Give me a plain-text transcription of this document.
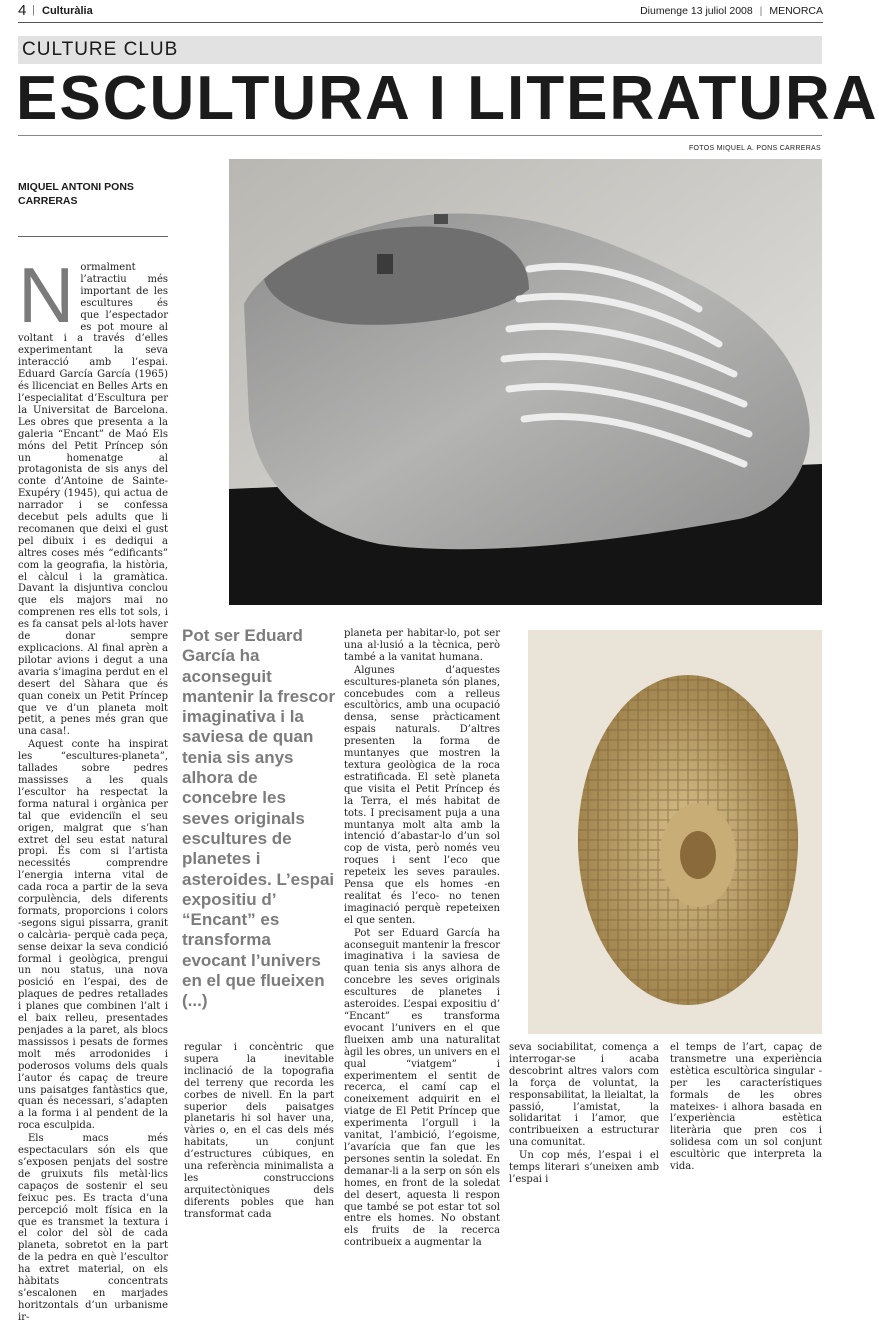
4 | Culturàlia	Diumenge 13 juliol 2008 | MENORCA
CULTURE CLUB
ESCULTURA I LITERATURA
FOTOS MIQUEL A. PONS CARRERAS
MIQUEL ANTONI PONS CARRERAS

Normalment l’atractiu més important de les escultures és que l’espectador es pot moure al voltant i a través d’elles experimentant la seva interacció amb l’espai. Eduard García García (1965) és llicenciat en Belles Arts en l’especialitat d’Escultura per la Universitat de Barcelona. Les obres que presenta a la galeria “Encant” de Maó Els móns del Petit Príncep són un homenatge al protagonista de sis anys del conte d’Antoine de Sainte-Exupéry (1945), qui actua de narrador i se confessa decebut pels adults que li recomanen que deixi el gust pel dibuix i es dediqui a altres coses més “edificants” com la geografia, la història, el càlcul i la gramàtica. Davant la disjuntiva conclou que els majors mai no comprenen res ells tot sols, i es fa cansat pels al·lots haver de donar sempre explicacions. Al final aprèn a pilotar avions i degut a una avaria s’imagina perdut en el desert del Sàhara que és quan coneix un Petit Príncep que ve d’un planeta molt petit, a penes més gran que una casa!.

Aquest conte ha inspirat les “escultures-planeta”, tallades sobre pedres massisses a les quals l’escultor ha respectat la forma natural i orgànica per tal que evidenciïn el seu origen, malgrat que s’han extret del seu estat natural propi. És com si l’artista necessités comprendre l’energia interna vital de cada roca a partir de la seva corpulència, dels diferents formats, proporcions i colors -segons sigui pissarra, granit o calcària- perquè cada peça, sense deixar la seva condició formal i geològica, prengui un nou status, una nova posició en l’espai, des de plaques de pedres retallades i planes que combinen l’alt i el baix relleu, presentades penjades a la paret, als blocs massissos i pesats de formes molt més arrodonides i poderosos volums dels quals l’autor és capaç de treure uns paisatges fantàstics que, quan és necessari, s’adapten a la forma i al pendent de la roca esculpida.

Els macs més espectaculars són els que s’exposen penjats del sostre de gruixuts fils metàl·lics capaços de sostenir el seu feixuc pes. Es tracta d’una percepció molt física en la que es transmet la textura i el color del sòl de cada planeta, sobretot en la part de la pedra en què l’escultor ha extret material, on els hàbitats concentrats s’escalonen en marjades horitzontals d’un urbanisme ir-

Pot ser Eduard García ha aconseguit mantenir la frescor imaginativa i la saviesa de quan tenia sis anys alhora de concebre les seves originals escultures de planetes i asteroides. L’espai expositiu d’ “Encant” es transforma evocant l’univers en el que flueixen (...)

regular i concèntric que supera la inevitable inclinació de la topografia del terreny que recorda les corbes de nivell. En la part superior dels paisatges planetaris hi sol haver una, vàries o, en el cas dels més habitats, un conjunt d’estructures cúbiques, en una referència minimalista a les construccions arquitectòniques dels diferents pobles que han transformat cada

planeta per habitar-lo, pot ser una al·lusió a la tècnica, però també a la vanitat humana.

Algunes d’aquestes escultures-planeta són planes, concebudes com a relleus escultòrics, amb una ocupació densa, sense pràcticament espais naturals. D’altres presenten la forma de muntanyes que mostren la textura geològica de la roca estratificada. El setè planeta que visita el Petit Príncep és la Terra, el més habitat de tots. I precisament puja a una muntanya molt alta amb la intenció d’abastar-lo d’un sol cop de vista, però només veu roques i sent l’eco que repeteix les seves paraules. Pensa que els homes -en realitat és l’eco- no tenen imaginació perquè repeteixen el que senten.

Pot ser Eduard García ha aconseguit mantenir la frescor imaginativa i la saviesa de quan tenia sis anys alhora de concebre les seves originals escultures de planetes i asteroides. L’espai expositiu d’ “Encant” es transforma evocant l’univers en el que flueixen amb una naturalitat àgil les obres, un univers en el qual “viatgem” i experimentem el sentit de recerca, el camí cap el coneixement adquirit en el viatge de El Petit Príncep que experimenta l’orgull i la vanitat, l’ambició, l’egoisme, l’avarícia que fan que les persones sentin la soledat. En demanar-li a la serp on són els homes, en front de la soledat del desert, aquesta li respon que també se pot estar tot sol entre els homes. No obstant els fruits de la recerca contribueix a augmentar la

seva sociabilitat, comença a interrogar-se i acaba descobrint altres valors com la força de voluntat, la responsabilitat, la lleialtat, la passió, l’amistat, la solidaritat i l’amor, que contribueixen a estructurar una comunitat.

Un cop més, l’espai i el temps literari s’uneixen amb l’espai i

el temps de l’art, capaç de transmetre una experiència estètica escultòrica singular -per les característiques formals de les obres mateixes- i alhora basada en l’experiència estètica literària que pren cos i solidesa com un sol conjunt escultòric que interpreta la vida.
